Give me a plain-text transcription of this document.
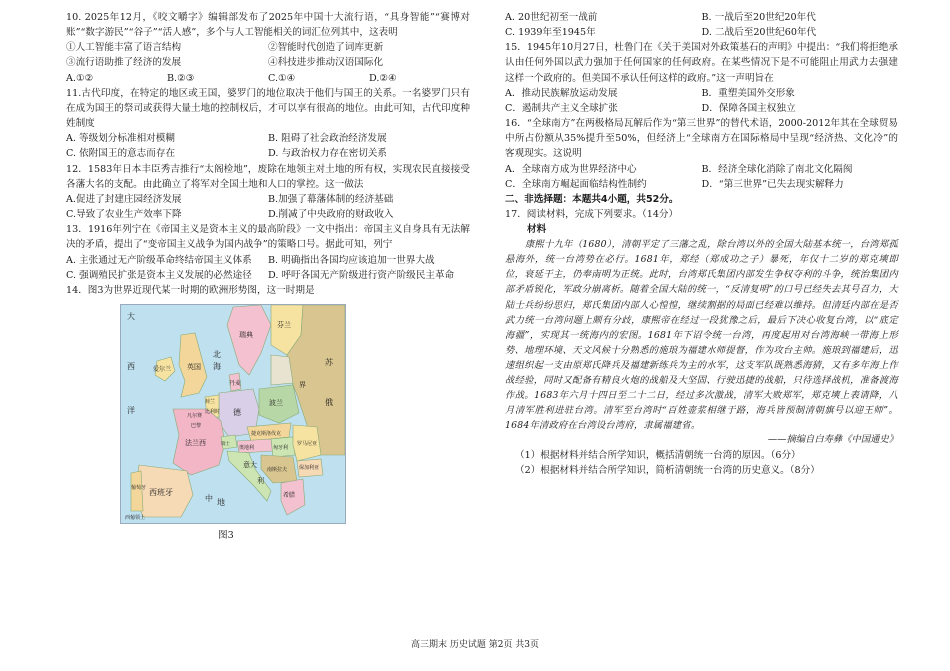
10. 2025年12月，《咬文嚼字》编辑部发布了2025年中国十大流行语，“具身智能”“赛博对账”“数字游民”“谷子”“活人感”，多个与人工智能相关的词汇位列其中，这表明

①人工智能丰富了语言结构	②智能时代创造了词库更新
③流行语助推了经济的发展	④科技进步推动汉语国际化
A.①②	B.②③	C.①④	D.②④

11.古代印度，在特定的地区或王国，婆罗门的地位取决于他们与国王的关系。一名婆罗门只有在成为国王的祭司或获得大量土地的控制权后，才可以享有很高的地位。由此可知，古代印度种姓制度

A. 等级划分标准相对模糊	B. 阻碍了社会政治经济发展
C. 依附国王的意志而存在	D. 与政治权力存在密切关系

12．1583年日本丰臣秀吉推行“太阁检地”，废除在地领主对土地的所有权，实现农民直接接受各藩大名的支配。由此确立了将军对全国土地和人口的掌控。这一做法

A.促进了封建庄园经济发展	B.加强了幕藩体制的经济基础
C.导致了农业生产效率下降	D.削减了中央政府的财政收入

13．1916年列宁在《帝国主义是资本主义的最高阶段》一文中指出：帝国主义自身具有无法解决的矛盾，提出了“变帝国主义战争为国内战争”的策略口号。据此可知，列宁

A. 主张通过无产阶级革命终结帝国主义体系	B. 明确指出各国均应该追加一世界大战
C. 强调殖民扩张是资本主义发展的必然途径	D. 呼吁各国无产阶级进行资产阶级民主革命

14．图3为世界近现代某一时期的欧洲形势图，这一时期是

大
西
洋
爱尔兰 英国
北
海
丹麦
瑞典
芬兰
苏
俄
荷兰
比利时 德
法兰西
西班牙
葡萄牙
意大
利
奥地利	匈牙利
南斯拉夫
罗马尼亚
保加利亚
希腊
波兰
捷克斯洛伐克
瑞士
凡尔赛
巴黎
西葡领土
地
中
界

图3

A. 20世纪初至一战前	B. 一战后至20世纪20年代
C. 1939年至1945年	D. 二战后至20世纪60年代

15．1945年10月27日，杜鲁门在《关于美国对外政策基石的声明》中提出：“我们将拒绝承认由任何外国以武力强加于任何国家的任何政府。在某些情况下是不可能阻止用武力去强建这样一个政府的。但美国不承认任何这样的政府。”这一声明旨在

A．推动民族解放运动发展	B．重塑美国外交形象
C．遏制共产主义全球扩张	D．保障各国主权独立

16．“全球南方”在两极格局瓦解后作为“第三世界”的替代术语，2000-2012年其在全球贸易中所占份额从35%提升至50%，但经济上“全球南方在国际格局中呈现“经济热、文化冷”的客观现实。这说明

A．全球南方成为世界经济中心	B．经济全球化消除了南北文化隔阂
C．全球南方崛起面临结构性制约	D．“第三世界”已失去现实解释力

二、非选择题：本题共4小题，共52分。

17．阅读材料，完成下列要求。（14分）

材料

康熙十九年（1680），清朝平定了三藩之乱，除台湾以外的全国大陆基本统一，台湾郑孤悬海外，统一台湾势在必行。1681年，郑经（郑成功之子）暴死，年仅十二岁的郑克塽即位，衰延干主，仍奉南明为正统。此时，台湾郑氏集团内部发生争权夺利的斗争，统治集团内部矛盾锐化，军政分崩离析。随着全国大陆的统一，“反清复明”的口号已经失去其号召力，大陆士兵纷纷思归，郑氏集团内部人心惶惶，继续割据的局面已经难以维持。但清廷内部在是否武力统一台湾问题上颇有分歧，康熙帝在经过一段犹豫之后，最后下决心收复台湾，以“底定海疆”，实现其一统海内的宏图。1681年下诏令统一台湾，再度起用对台湾海峡一带海上形势、地理环境、天文风候十分熟悉的施琅为福建水师提督，作为攻台主帅。施琅到福建后，迅速组织起一支由原郑氏降兵及福建新练兵为主的水军，这支军队既熟悉海猜，又有多年海上作战经验，同时又配备有精良火炮的战船及大坚固、行驶迅捷的战船，只待选择战机，准备渡海作战。1683年六月十四日至二十二日，经过多次激战，清军大败郑军，郑克塽上表请降，八月清军胜利进驻台湾。清军至台湾时“百姓壶浆相继于路，海兵皆预制清朝旗号以迎王师”。1684年清政府在台湾设台湾府，隶属福建省。

——摘编自白寿彝《中国通史》

（1）根据材料并结合所学知识，概括清朝统一台湾的原因。（6分）

（2）根据材料并结合所学知识，简析清朝统一台湾的历史意义。（8分）

高三期末 历史试题 第2页 共3页
